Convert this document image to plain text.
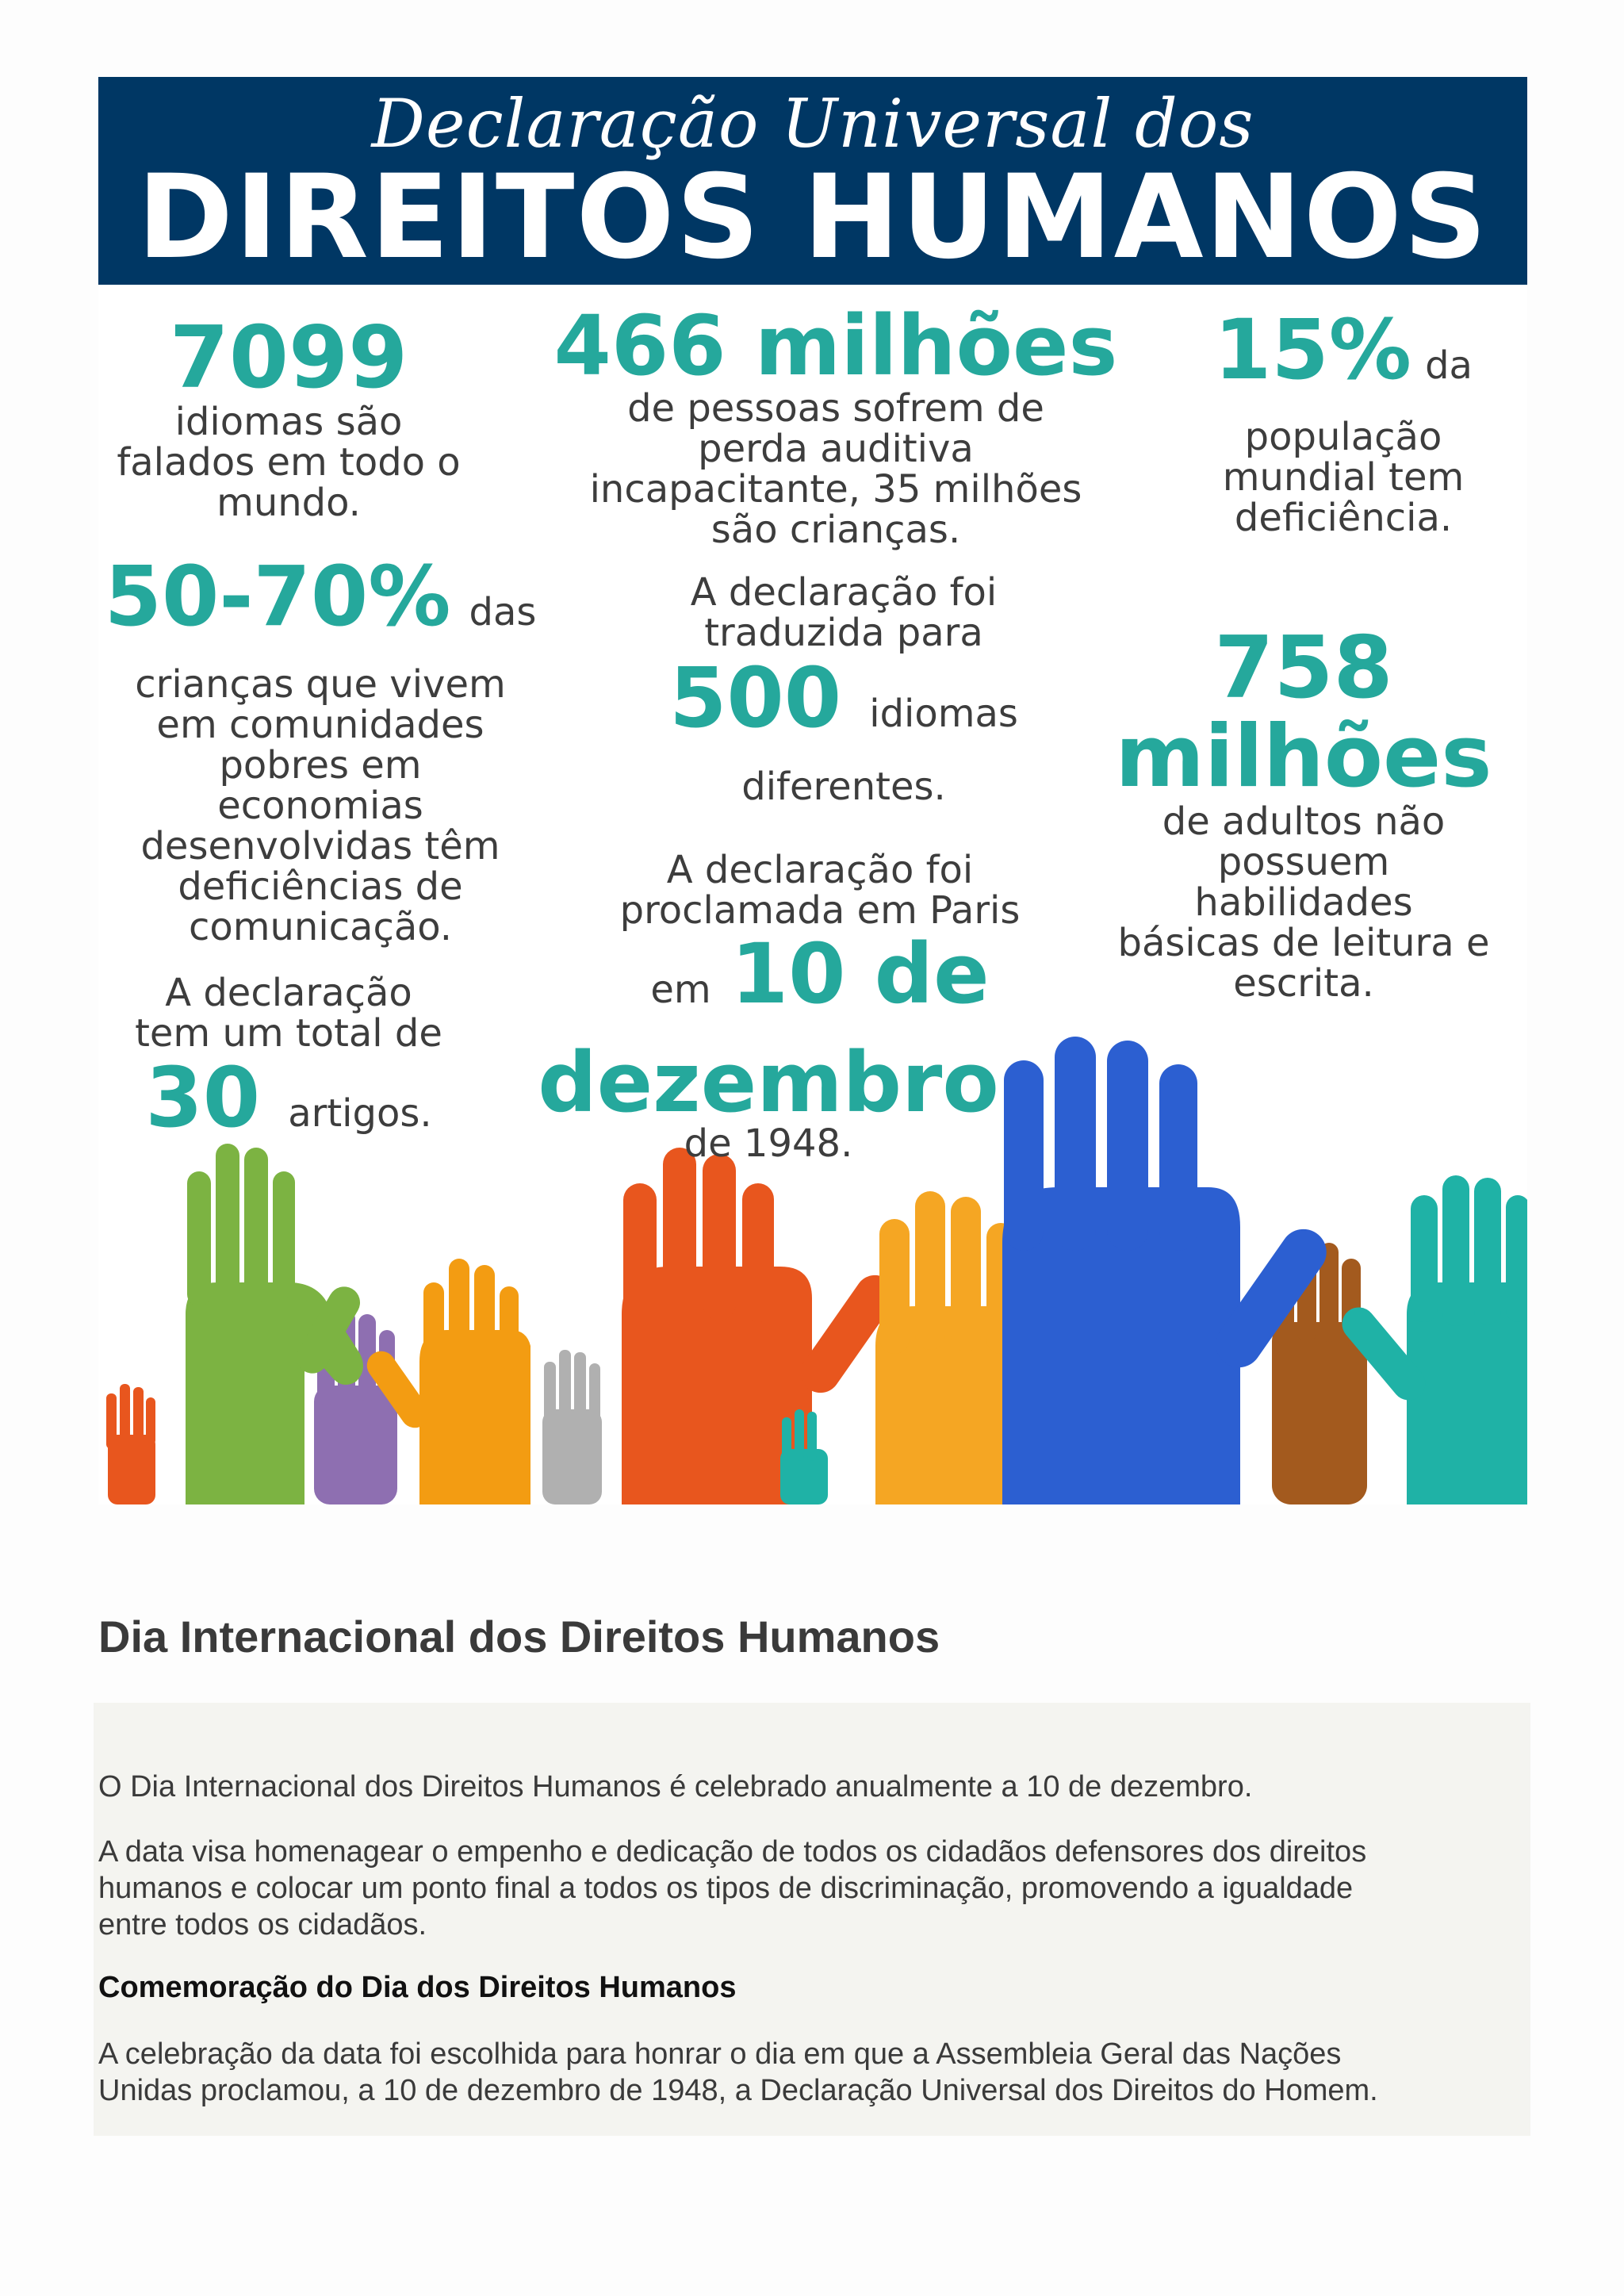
Declaração Universal dos
DIREITOS HUMANOS
7099
idiomas são
falados em todo o
mundo.
50-70% das
crianças que vivem
em comunidades
pobres em
economias
desenvolvidas têm
deficiências de
comunicação.
A declaração
tem um total de
30 artigos.
466 milhões
de pessoas sofrem de
perda auditiva
incapacitante, 35 milhões
são crianças.
A declaração foi
traduzida para
500 idiomas
diferentes.
A declaração foi
proclamada em Paris
em 10 de
dezembro
de 1948.
15% da
população
mundial tem
deficiência.
758
milhões
de adultos não
possuem
habilidades
básicas de leitura e
escrita.
Dia Internacional dos Direitos Humanos
O Dia Internacional dos Direitos Humanos é celebrado anualmente a 10 de dezembro.
A data visa homenagear o empenho e dedicação de todos os cidadãos defensores dos direitos
humanos e colocar um ponto final a todos os tipos de discriminação, promovendo a igualdade
entre todos os cidadãos.
Comemoração do Dia dos Direitos Humanos
A celebração da data foi escolhida para honrar o dia em que a Assembleia Geral das Nações
Unidas proclamou, a 10 de dezembro de 1948, a Declaração Universal dos Direitos do Homem.
